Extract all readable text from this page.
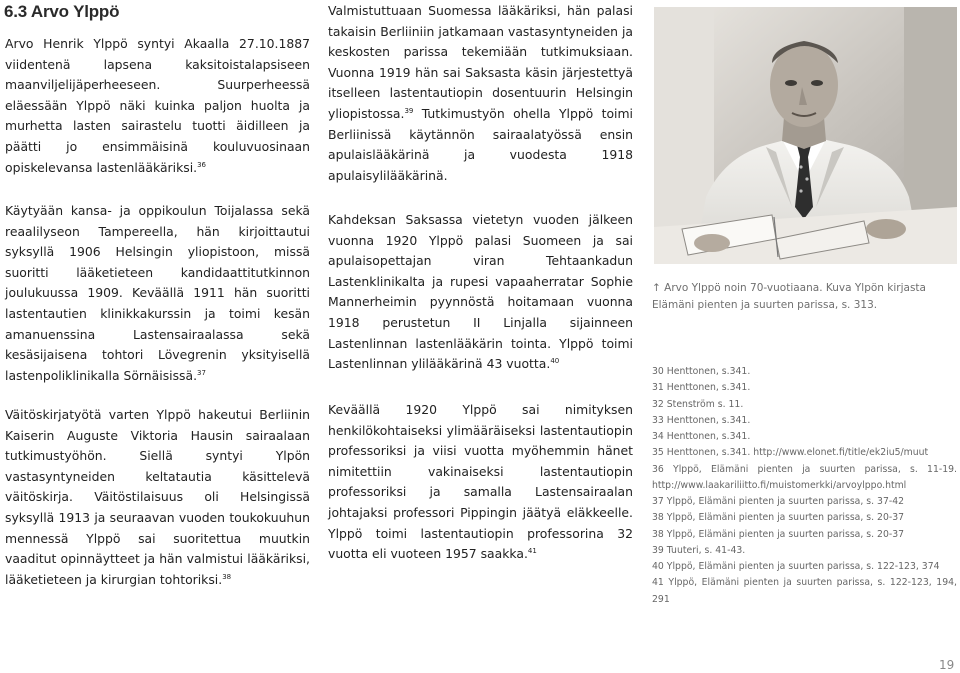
6.3 Arvo Ylppö
Arvo Henrik Ylppö syntyi Akaalla 27.10.1887 viidentenä lapsena kaksitoistalapsiseen maanviljelijäperheeseen. Suurperheessä eläessään Ylppö näki kuinka paljon huolta ja murhetta lasten sairastelu tuotti äidilleen ja päätti jo ensimmäisinä kouluvuosinaan opiskelevansa lastenlääkäriksi.$^{36}$
Käytyään kansa- ja oppikoulun Toijalassa sekä reaalilyseon Tampereella, hän kirjoittautui syksyllä 1906 Helsingin yliopistoon, missä suoritti lääketieteen kandidaattitutkinnon joulukuussa 1909. Keväällä 1911 hän suoritti lastentautien klinikkakurssin ja toimi kesän amanuenssina Lastensairaalassa sekä kesäsijaisena tohtori Lövegrenin yksityisellä lastenpoliklinikalla Sörnäisissä.$^{37}$
Väitöskirjatyötä varten Ylppö hakeutui Berliinin Kaiserin Auguste Viktoria Hausin sairaalaan tutkimustyöhön. Siellä syntyi Ylpön vastasyntyneiden keltatautia käsittelevä väitöskirja. Väitöstilaisuus oli Helsingissä syksyllä 1913 ja seuraavan vuoden toukokuuhun mennessä Ylppö sai suoritettua muutkin vaaditut opinnäytteet ja hän valmistui lääkäriksi, lääketieteen ja kirurgian tohtoriksi.$^{38}$
Valmistuttuaan Suomessa lääkäriksi, hän palasi takaisin Berliiniin jatkamaan vastasyntyneiden ja keskosten parissa tekemiään tutkimuksiaan. Vuonna 1919 hän sai Saksasta käsin järjestettyä itselleen lastentautiopin dosentuurin Helsingin yliopistossa.$^{39}$ Tutkimustyön ohella Ylppö toimi Berliinissä käytännön sairaalatyössä ensin apulaislääkärinä ja vuodesta 1918 apulaisylilääkärinä.
Kahdeksan Saksassa vietetyn vuoden jälkeen vuonna 1920 Ylppö palasi Suomeen ja sai apulaisopettajan viran Tehtaankadun Lastenklinikalta ja rupesi vapaaherratar Sophie Mannerheimin pyynnöstä hoitamaan vuonna 1918 perustetun II Linjalla sijainneen Lastenlinnan lastenlääkärin tointa. Ylppö toimi Lastenlinnan ylilääkärinä 43 vuotta.$^{40}$
Keväällä 1920 Ylppö sai nimityksen henkilökohtaiseksi ylimääräiseksi lastentautiopin professoriksi ja viisi vuotta myöhemmin hänet nimitettiin vakinaiseksi lastentautiopin professoriksi ja samalla Lastensairaalan johtajaksi professori Pippingin jäätyä eläkkeelle. Ylppö toimi lastentautiopin professorina 32 vuotta eli vuoteen 1957 saakka.$^{41}$
↑ Arvo Ylppö noin 70-vuotiaana. Kuva Ylpön kirjasta Elämäni pienten ja suurten parissa, s. 313.
30 Henttonen, s.341.
31 Henttonen, s.341.
32 Stenström s. 11.
33 Henttonen, s.341.
34 Henttonen, s.341.
35 Henttonen, s.341. http://www.elonet.fi/title/ek2iu5/muut
36 Ylppö, Elämäni pienten ja suurten parissa, s. 11-19. http://www.laakariliitto.fi/muistomerkki/arvoylppo.html
37 Ylppö, Elämäni pienten ja suurten parissa, s. 37-42
38 Ylppö, Elämäni pienten ja suurten parissa, s. 20-37
38 Ylppö, Elämäni pienten ja suurten parissa, s. 20-37
39 Tuuteri, s. 41-43.
40 Ylppö, Elämäni pienten ja suurten parissa, s. 122-123, 374
41 Ylppö, Elämäni pienten ja suurten parissa, s. 122-123, 194, 291
19
